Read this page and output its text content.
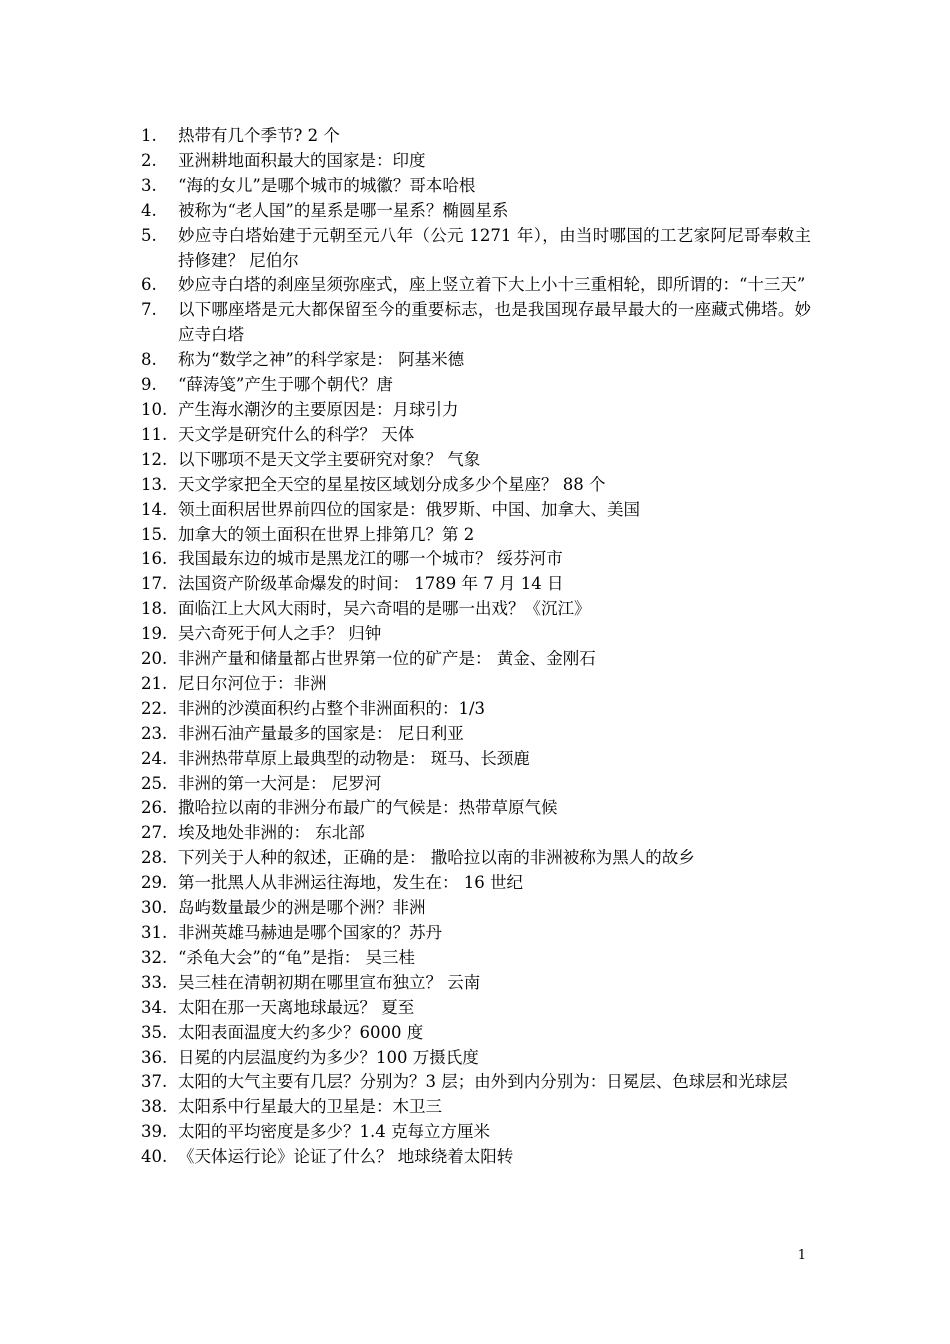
1.	热带有几个季节? 2 个
2.	亚洲耕地面积最大的国家是：印度
3.	“海的女儿”是哪个城市的城徽？哥本哈根
4.	被称为“老人国”的星系是哪一星系？椭圆星系
5.	妙应寺白塔始建于元朝至元八年（公元 1271 年），由当时哪国的工艺家阿尼哥奉敕主持修建？ 尼伯尔
6.	妙应寺白塔的刹座呈须弥座式，座上竖立着下大上小十三重相轮，即所谓的：“十三天”
7.	以下哪座塔是元大都保留至今的重要标志，也是我国现存最早最大的一座藏式佛塔。妙应寺白塔
8.	称为“数学之神”的科学家是： 阿基米德
9.	“薛涛笺”产生于哪个朝代？唐
10. 产生海水潮汐的主要原因是：月球引力
11. 天文学是研究什么的科学？ 天体
12. 以下哪项不是天文学主要研究对象？ 气象
13. 天文学家把全天空的星星按区域划分成多少个星座？ 88 个
14. 领土面积居世界前四位的国家是：俄罗斯、中国、加拿大、美国
15. 加拿大的领土面积在世界上排第几？第 2
16. 我国最东边的城市是黑龙江的哪一个城市？ 绥芬河市
17. 法国资产阶级革命爆发的时间： 1789 年 7 月 14 日
18. 面临江上大风大雨时，吴六奇唱的是哪一出戏？《沉江》
19. 吴六奇死于何人之手？ 归钟
20. 非洲产量和储量都占世界第一位的矿产是： 黄金、金刚石
21. 尼日尔河位于：非洲
22. 非洲的沙漠面积约占整个非洲面积的：1/3
23. 非洲石油产量最多的国家是： 尼日利亚
24. 非洲热带草原上最典型的动物是： 斑马、长颈鹿
25. 非洲的第一大河是： 尼罗河
26. 撒哈拉以南的非洲分布最广的气候是：热带草原气候
27. 埃及地处非洲的： 东北部
28. 下列关于人种的叙述，正确的是： 撒哈拉以南的非洲被称为黑人的故乡
29. 第一批黑人从非洲运往海地，发生在： 16 世纪
30. 岛屿数量最少的洲是哪个洲？非洲
31. 非洲英雄马赫迪是哪个国家的？苏丹
32. “杀龟大会”的“龟”是指： 吴三桂
33. 吴三桂在清朝初期在哪里宣布独立？ 云南
34. 太阳在那一天离地球最远？ 夏至
35. 太阳表面温度大约多少？6000 度
36. 日冕的内层温度约为多少？100 万摄氏度
37. 太阳的大气主要有几层？分别为？3 层；由外到内分别为：日冕层、色球层和光球层
38. 太阳系中行星最大的卫星是：木卫三
39. 太阳的平均密度是多少？1.4 克每立方厘米
40. 《天体运行论》论证了什么？ 地球绕着太阳转
1
